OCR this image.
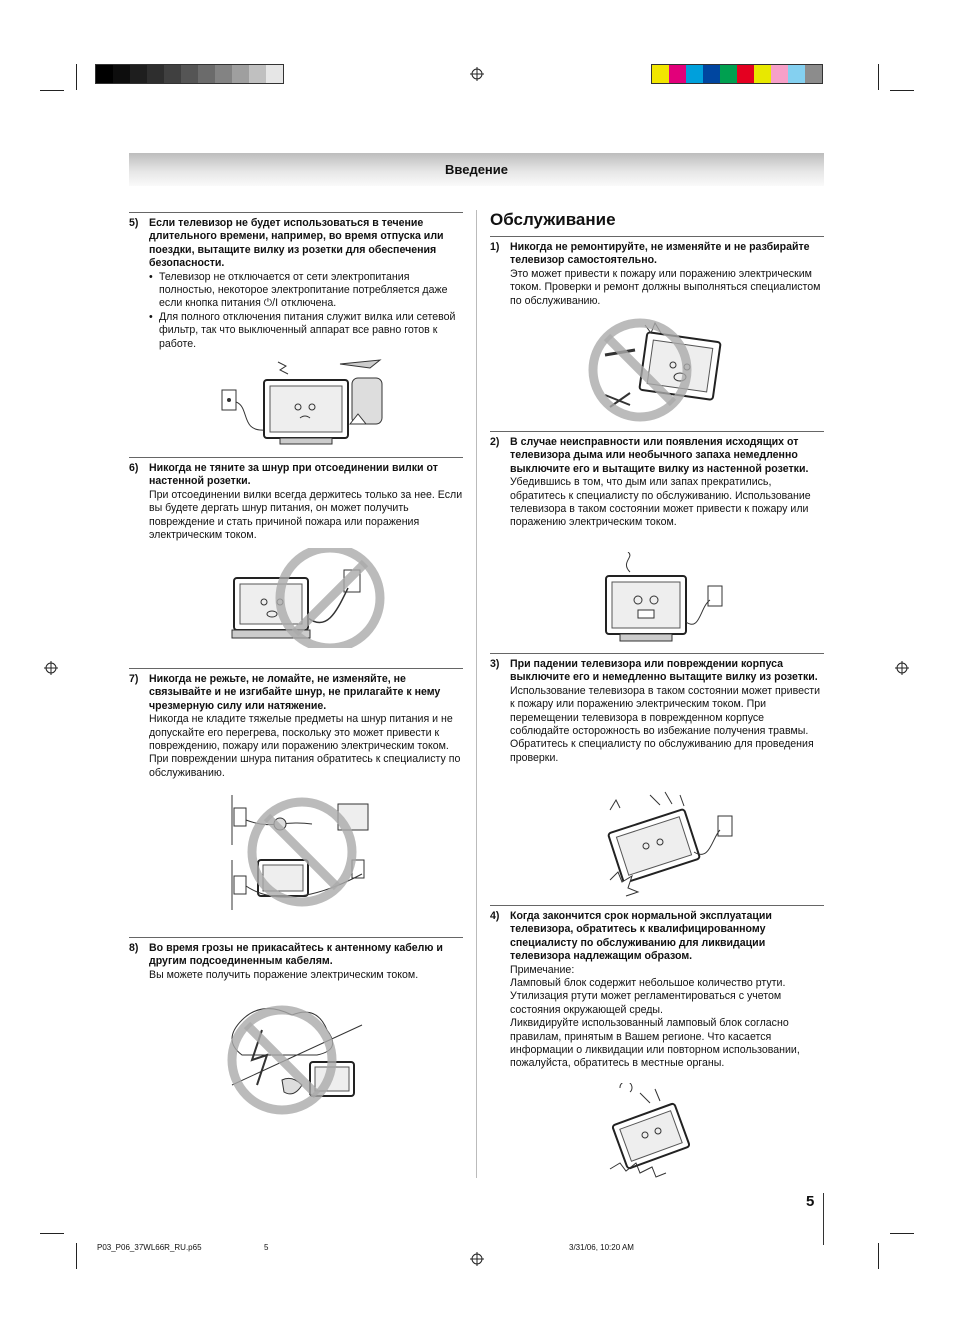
Введение
5) Если телевизор не будет использоваться в течение длительного времени, например, во время отпуска или поездки, вытащите вилку из розетки для обеспечения безопасности.
• Телевизор не отключается от сети электропитания полностью, некоторое электропитание потребляется даже если кнопка питания ⏻/I отключена.
• Для полного отключения питания служит вилка или сетевой фильтр, так что выключенный аппарат все равно готов к работе.
6) Никогда не тяните за шнур при отсоединении вилки от настенной розетки.
При отсоединении вилки всегда держитесь только за нее. Если вы будете дергать шнур питания, он может получить повреждение и стать причиной пожара или поражения электрическим током.
7) Никогда не режьте, не ломайте, не изменяйте, не связывайте и не изгибайте шнур, не прилагайте к нему чрезмерную силу или натяжение.
Никогда не кладите тяжелые предметы на шнур питания и не допускайте его перегрева, поскольку это может привести к повреждению, пожару или поражению электрическим током. При повреждении шнура питания обратитесь к специалисту по обслуживанию.
8) Во время грозы не прикасайтесь к антенному кабелю и другим подсоединенным кабелям.
Вы можете получить поражение электрическим током.
Обслуживание
1) Никогда не ремонтируйте, не изменяйте и не разбирайте телевизор самостоятельно.
Это может привести к пожару или поражению электрическим током. Проверки и ремонт должны выполняться специалистом по обслуживанию.
2) В случае неисправности или появления исходящих от телевизора дыма или необычного запаха немедленно выключите его и вытащите вилку из настенной розетки.
Убедившись в том, что дым или запах прекратились, обратитесь к специалисту по обслуживанию. Использование телевизора в таком состоянии может привести к пожару или поражению электрическим током.
3) При падении телевизора или повреждении корпуса выключите его и немедленно вытащите вилку из розетки.
Использование телевизора в таком состоянии может привести к пожару или поражению электрическим током. При перемещении телевизора в поврежденном корпусе соблюдайте осторожность во избежание получения травмы. Обратитесь к специалисту по обслуживанию для проведения проверки.
4) Когда закончится срок нормальной эксплуатации телевизора, обратитесь к квалифицированному специалисту по обслуживанию для ликвидации телевизора надлежащим образом.
Примечание:
Ламповый блок содержит небольшое количество ртути. Утилизация ртути может регламентироваться с учетом состояния окружающей среды.
Ликвидируйте использованный ламповый блок согласно правилам, принятым в Вашем регионе. Что касается информации о ликвидации или повторном использовании, пожалуйста, обратитесь в местные органы.
5
P03_P06_37WL66R_RU.p65	5	3/31/06, 10:20 AM
